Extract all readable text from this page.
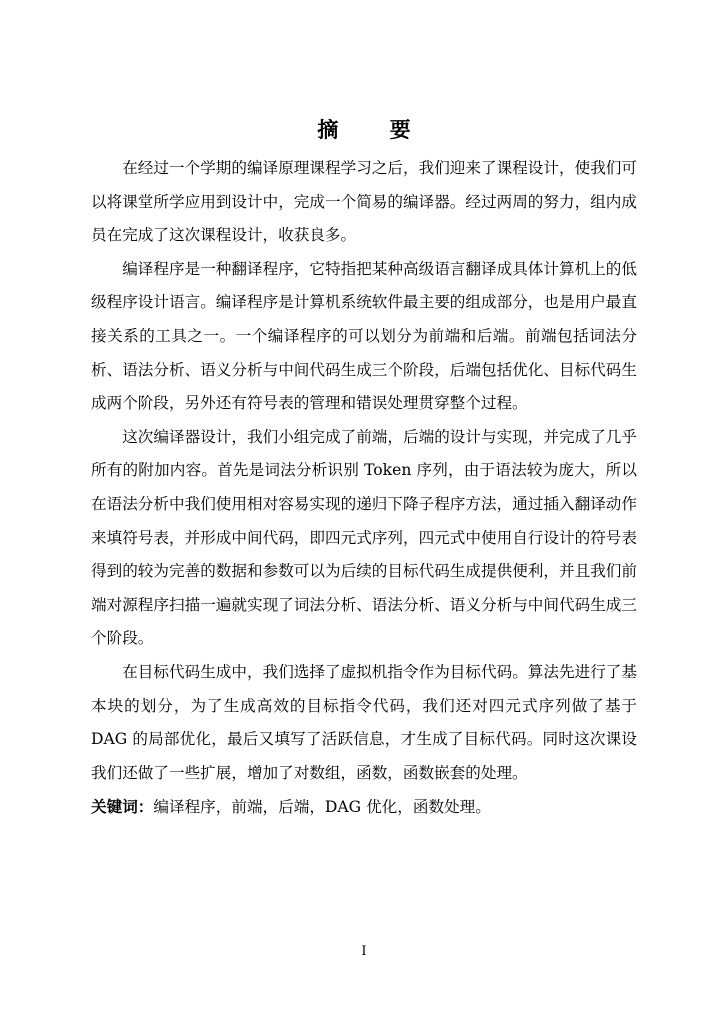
摘 要

在经过一个学期的编译原理课程学习之后，我们迎来了课程设计，使我们可以将课堂所学应用到设计中，完成一个简易的编译器。经过两周的努力，组内成员在完成了这次课程设计，收获良多。

编译程序是一种翻译程序，它特指把某种高级语言翻译成具体计算机上的低级程序设计语言。编译程序是计算机系统软件最主要的组成部分，也是用户最直接关系的工具之一。一个编译程序的可以划分为前端和后端。前端包括词法分析、语法分析、语义分析与中间代码生成三个阶段，后端包括优化、目标代码生成两个阶段，另外还有符号表的管理和错误处理贯穿整个过程。

这次编译器设计，我们小组完成了前端，后端的设计与实现，并完成了几乎所有的附加内容。首先是词法分析识别 Token 序列，由于语法较为庞大，所以在语法分析中我们使用相对容易实现的递归下降子程序方法，通过插入翻译动作来填符号表，并形成中间代码，即四元式序列，四元式中使用自行设计的符号表得到的较为完善的数据和参数可以为后续的目标代码生成提供便利，并且我们前端对源程序扫描一遍就实现了词法分析、语法分析、语义分析与中间代码生成三个阶段。

在目标代码生成中，我们选择了虚拟机指令作为目标代码。算法先进行了基本块的划分，为了生成高效的目标指令代码，我们还对四元式序列做了基于 DAG 的局部优化，最后又填写了活跃信息，才生成了目标代码。同时这次课设我们还做了一些扩展，增加了对数组，函数，函数嵌套的处理。

关键词：编译程序，前端，后端，DAG 优化，函数处理。

I
